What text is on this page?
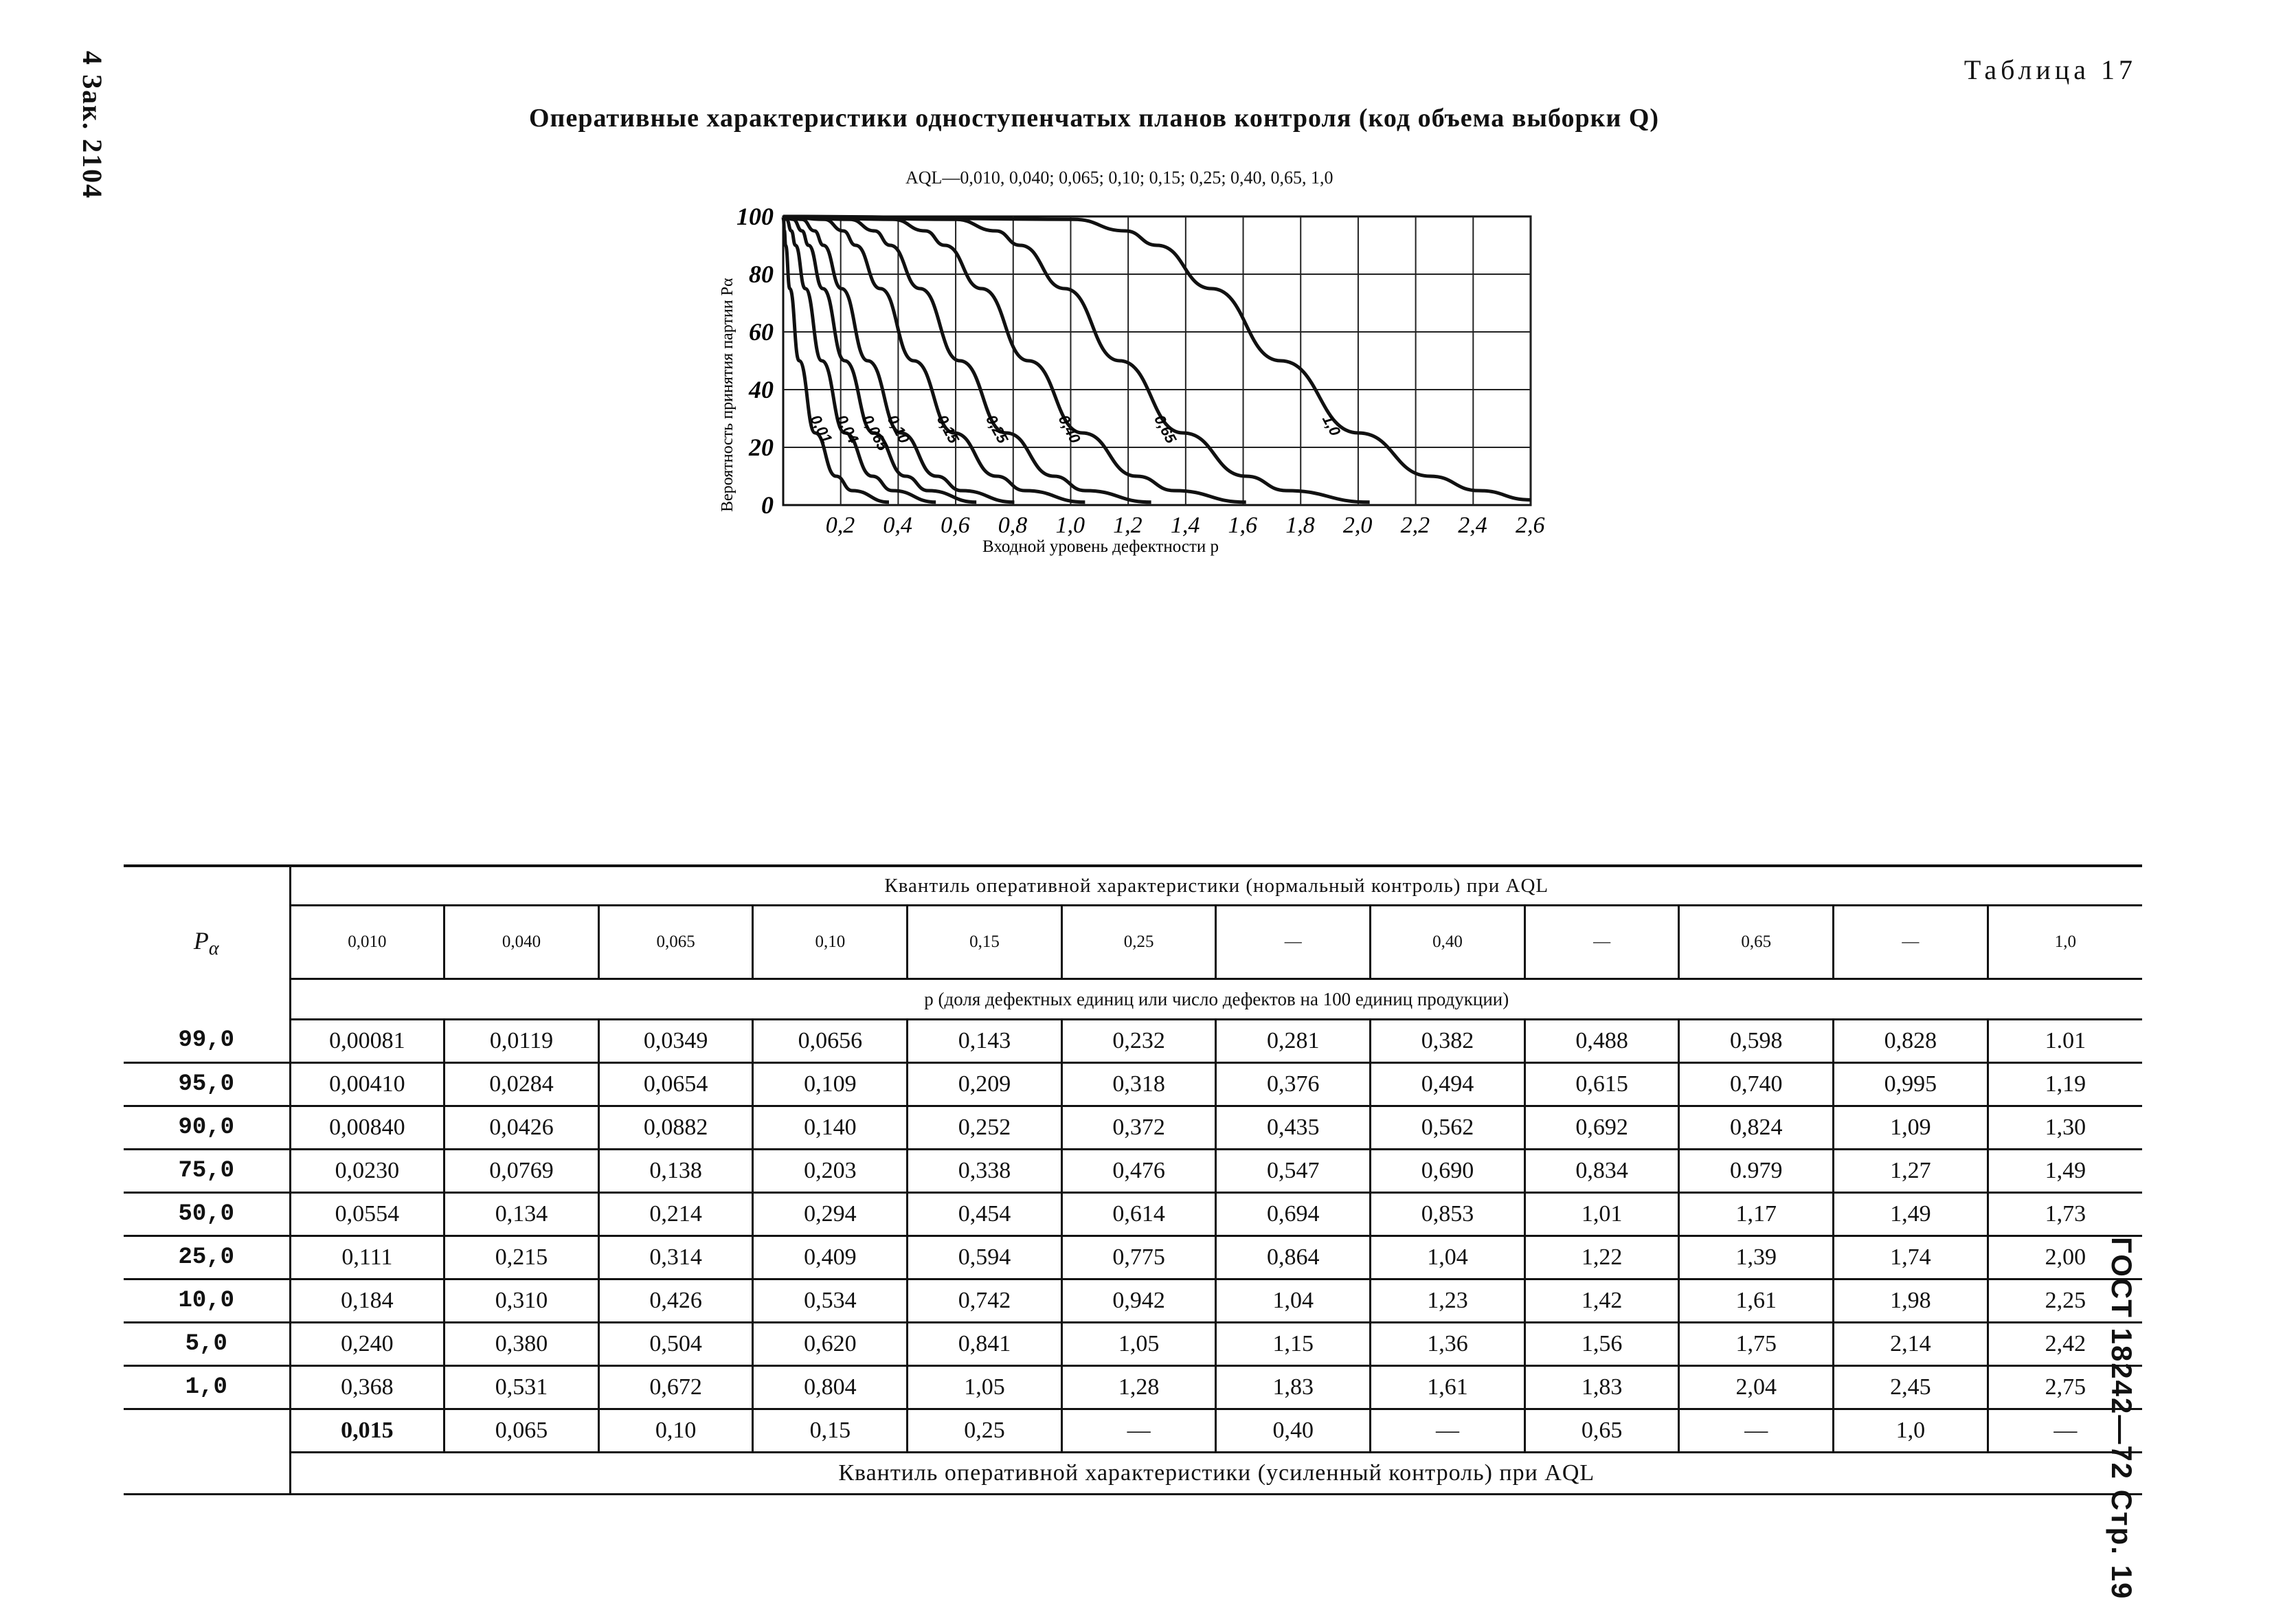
4 Зак. 2104	Таблица 17
Оперативные характеристики одноступенчатых планов контроля (код объема выборки Q)
AQL—0,010, 0,040; 0,065; 0,10; 0,15; 0,25; 0,40, 0,65, 1,0
0,01
0,04
0,065
0,10 0,15 0,25	0,40	0,65	1,0
0,2 0,4 0,6 0,8 1,0 1,2 1,4 1,6 1,8 2,0 2,2 2,4 2,6
0
20
40
60
80
100
Вероятность принятия партии Pα
Входной уровень дефектности p
$P_\alpha$		Квантиль оперативной характеристики (нормальный контроль) при AQL											
		0,010	0,040	0,065	0,10	0,15	0,25	—	0,40	—	0,65	—	1,0
		p (доля дефектных единиц или число дефектов на 100 единиц продукции)											
99,0		0,00081	0,0119	0,0349	0,0656	0,143	0,232	0,281	0,382	0,488	0,598	0,828	1.01
95,0		0,00410	0,0284	0,0654	0,109	0,209	0,318	0,376	0,494	0,615	0,740	0,995	1,19
90,0		0,00840	0,0426	0,0882	0,140	0,252	0,372	0,435	0,562	0,692	0,824	1,09	1,30
75,0		0,0230	0,0769	0,138	0,203	0,338	0,476	0,547	0,690	0,834	0.979	1,27	1,49
50,0		0,0554	0,134	0,214	0,294	0,454	0,614	0,694	0,853	1,01	1,17	1,49	1,73
25,0		0,111	0,215	0,314	0,409	0,594	0,775	0,864	1,04	1,22	1,39	1,74	2,00
10,0		0,184	0,310	0,426	0,534	0,742	0,942	1,04	1,23	1,42	1,61	1,98	2,25
5,0		0,240	0,380	0,504	0,620	0,841	1,05	1,15	1,36	1,56	1,75	2,14	2,42
1,0		0,368	0,531	0,672	0,804	1,05	1,28	1,83	1,61	1,83	2,04	2,45	2,75
		0,015	0,065	0,10	0,15	0,25	—	0,40	—	0,65	—	1,0	—
		Квантиль оперативной характеристики (усиленный контроль) при AQL												ГОСТ 18242—72 Стр. 19
